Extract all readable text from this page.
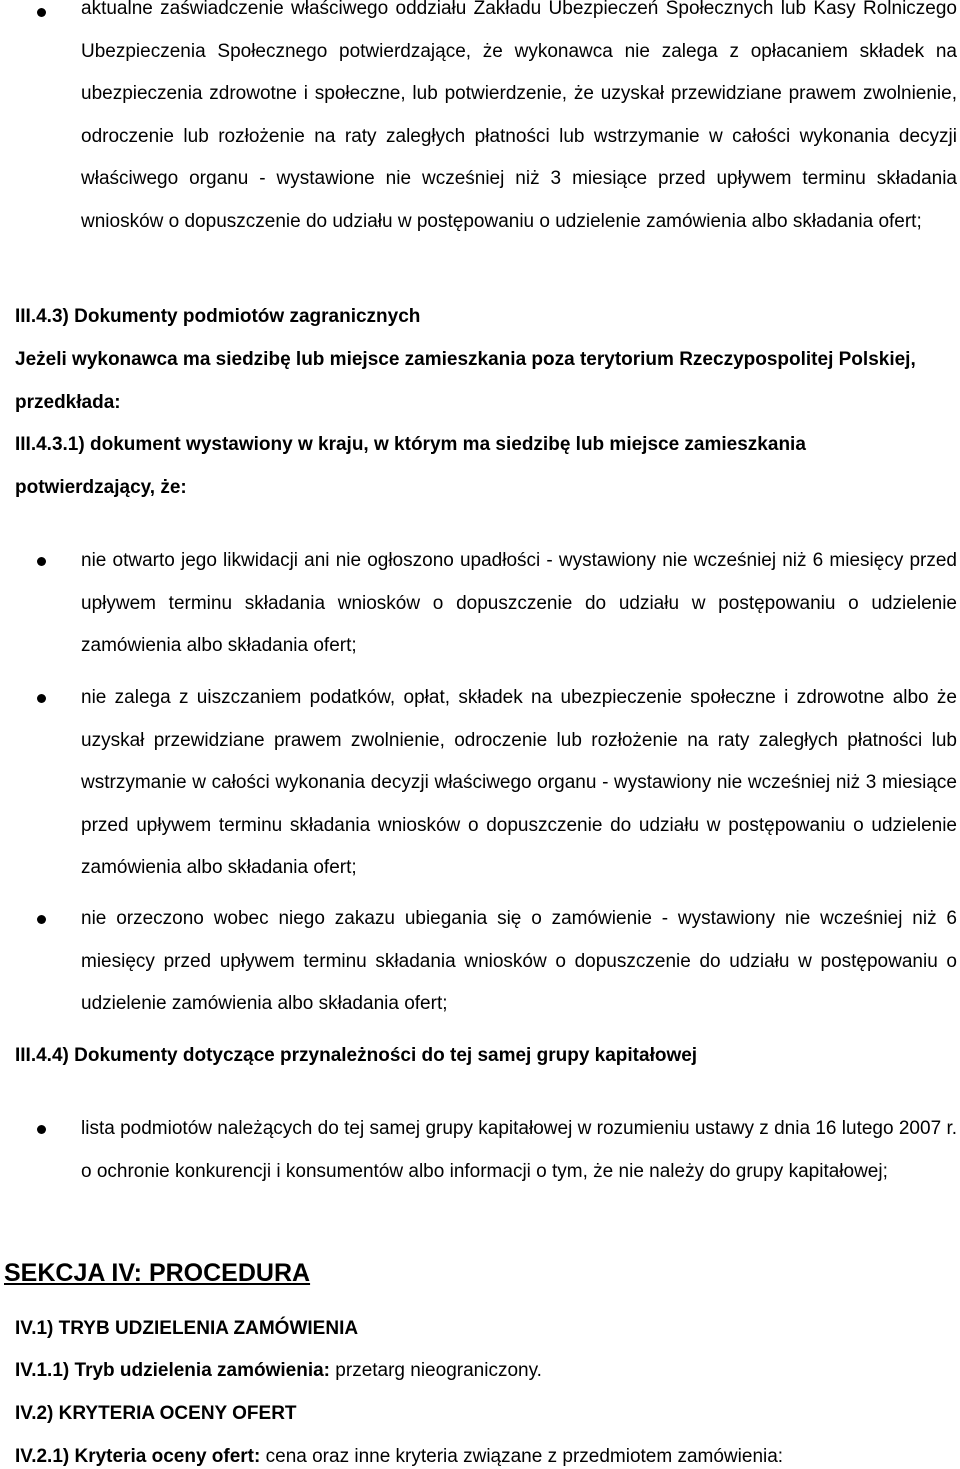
aktualne zaświadczenie właściwego oddziału Zakładu Ubezpieczeń Społecznych lub Kasy Rolniczego Ubezpieczenia Społecznego potwierdzające, że wykonawca nie zalega z opłacaniem składek na ubezpieczenia zdrowotne i społeczne, lub potwierdzenie, że uzyskał przewidziane prawem zwolnienie, odroczenie lub rozłożenie na raty zaległych płatności lub wstrzymanie w całości wykonania decyzji właściwego organu - wystawione nie wcześniej niż 3 miesiące przed upływem terminu składania wniosków o dopuszczenie do udziału w postępowaniu o udzielenie zamówienia albo składania ofert;
III.4.3) Dokumenty podmiotów zagranicznych
Jeżeli wykonawca ma siedzibę lub miejsce zamieszkania poza terytorium Rzeczypospolitej Polskiej, przedkłada:
III.4.3.1) dokument wystawiony w kraju, w którym ma siedzibę lub miejsce zamieszkania potwierdzający, że:
nie otwarto jego likwidacji ani nie ogłoszono upadłości - wystawiony nie wcześniej niż 6 miesięcy przed upływem terminu składania wniosków o dopuszczenie do udziału w postępowaniu o udzielenie zamówienia albo składania ofert;
nie zalega z uiszczaniem podatków, opłat, składek na ubezpieczenie społeczne i zdrowotne albo że uzyskał przewidziane prawem zwolnienie, odroczenie lub rozłożenie na raty zaległych płatności lub wstrzymanie w całości wykonania decyzji właściwego organu - wystawiony nie wcześniej niż 3 miesiące przed upływem terminu składania wniosków o dopuszczenie do udziału w postępowaniu o udzielenie zamówienia albo składania ofert;
nie orzeczono wobec niego zakazu ubiegania się o zamówienie - wystawiony nie wcześniej niż 6 miesięcy przed upływem terminu składania wniosków o dopuszczenie do udziału w postępowaniu o udzielenie zamówienia albo składania ofert;
III.4.4) Dokumenty dotyczące przynależności do tej samej grupy kapitałowej
lista podmiotów należących do tej samej grupy kapitałowej w rozumieniu ustawy z dnia 16 lutego 2007 r. o ochronie konkurencji i konsumentów albo informacji o tym, że nie należy do grupy kapitałowej;
SEKCJA IV: PROCEDURA
IV.1) TRYB UDZIELENIA ZAMÓWIENIA
IV.1.1) Tryb udzielenia zamówienia: przetarg nieograniczony.
IV.2) KRYTERIA OCENY OFERT
IV.2.1) Kryteria oceny ofert: cena oraz inne kryteria związane z przedmiotem zamówienia:
